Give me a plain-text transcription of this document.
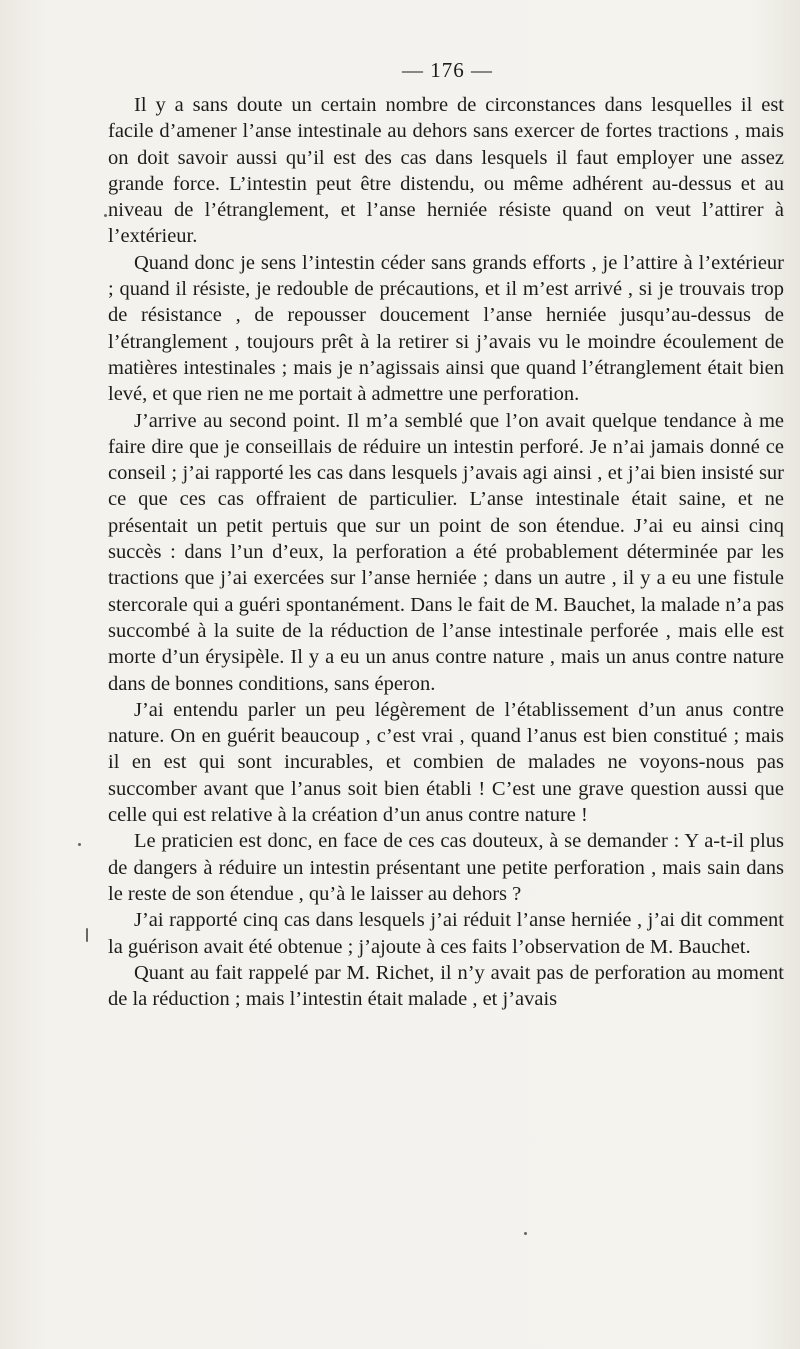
— 176 —

Il y a sans doute un certain nombre de circonstances dans lesquelles il est facile d’amener l’anse intestinale au dehors sans exercer de fortes tractions , mais on doit savoir aussi qu’il est des cas dans lesquels il faut employer une assez grande force. L’intestin peut être distendu, ou même adhérent au-dessus et au niveau de l’étranglement, et l’anse herniée résiste quand on veut l’attirer à l’extérieur.

Quand donc je sens l’intestin céder sans grands efforts , je l’attire à l’extérieur ; quand il résiste, je redouble de précautions, et il m’est arrivé , si je trouvais trop de résistance , de repousser doucement l’anse herniée jusqu’au-dessus de l’étranglement , toujours prêt à la retirer si j’avais vu le moindre écoulement de matières intestinales ; mais je n’agissais ainsi que quand l’étranglement était bien levé, et que rien ne me portait à admettre une perforation.

J’arrive au second point. Il m’a semblé que l’on avait quelque tendance à me faire dire que je conseillais de réduire un intestin perforé. Je n’ai jamais donné ce conseil ; j’ai rapporté les cas dans lesquels j’avais agi ainsi , et j’ai bien insisté sur ce que ces cas offraient de particulier. L’anse intestinale était saine, et ne présentait un petit pertuis que sur un point de son étendue. J’ai eu ainsi cinq succès : dans l’un d’eux, la perforation a été probablement déterminée par les tractions que j’ai exercées sur l’anse herniée ; dans un autre , il y a eu une fistule stercorale qui a guéri spontanément. Dans le fait de M. Bauchet, la malade n’a pas succombé à la suite de la réduction de l’anse intestinale perforée , mais elle est morte d’un érysipèle. Il y a eu un anus contre nature , mais un anus contre nature dans de bonnes conditions, sans éperon.

J’ai entendu parler un peu légèrement de l’établissement d’un anus contre nature. On en guérit beaucoup , c’est vrai , quand l’anus est bien constitué ; mais il en est qui sont incurables, et combien de malades ne voyons-nous pas succomber avant que l’anus soit bien établi ! C’est une grave question aussi que celle qui est relative à la création d’un anus contre nature !

Le praticien est donc, en face de ces cas douteux, à se demander : Y a-t-il plus de dangers à réduire un intestin présentant une petite perforation , mais sain dans le reste de son étendue , qu’à le laisser au dehors ?

J’ai rapporté cinq cas dans lesquels j’ai réduit l’anse herniée , j’ai dit comment la guérison avait été obtenue ; j’ajoute à ces faits l’observation de M. Bauchet.

Quant au fait rappelé par M. Richet, il n’y avait pas de perforation au moment de la réduction ; mais l’intestin était malade , et j’avais
